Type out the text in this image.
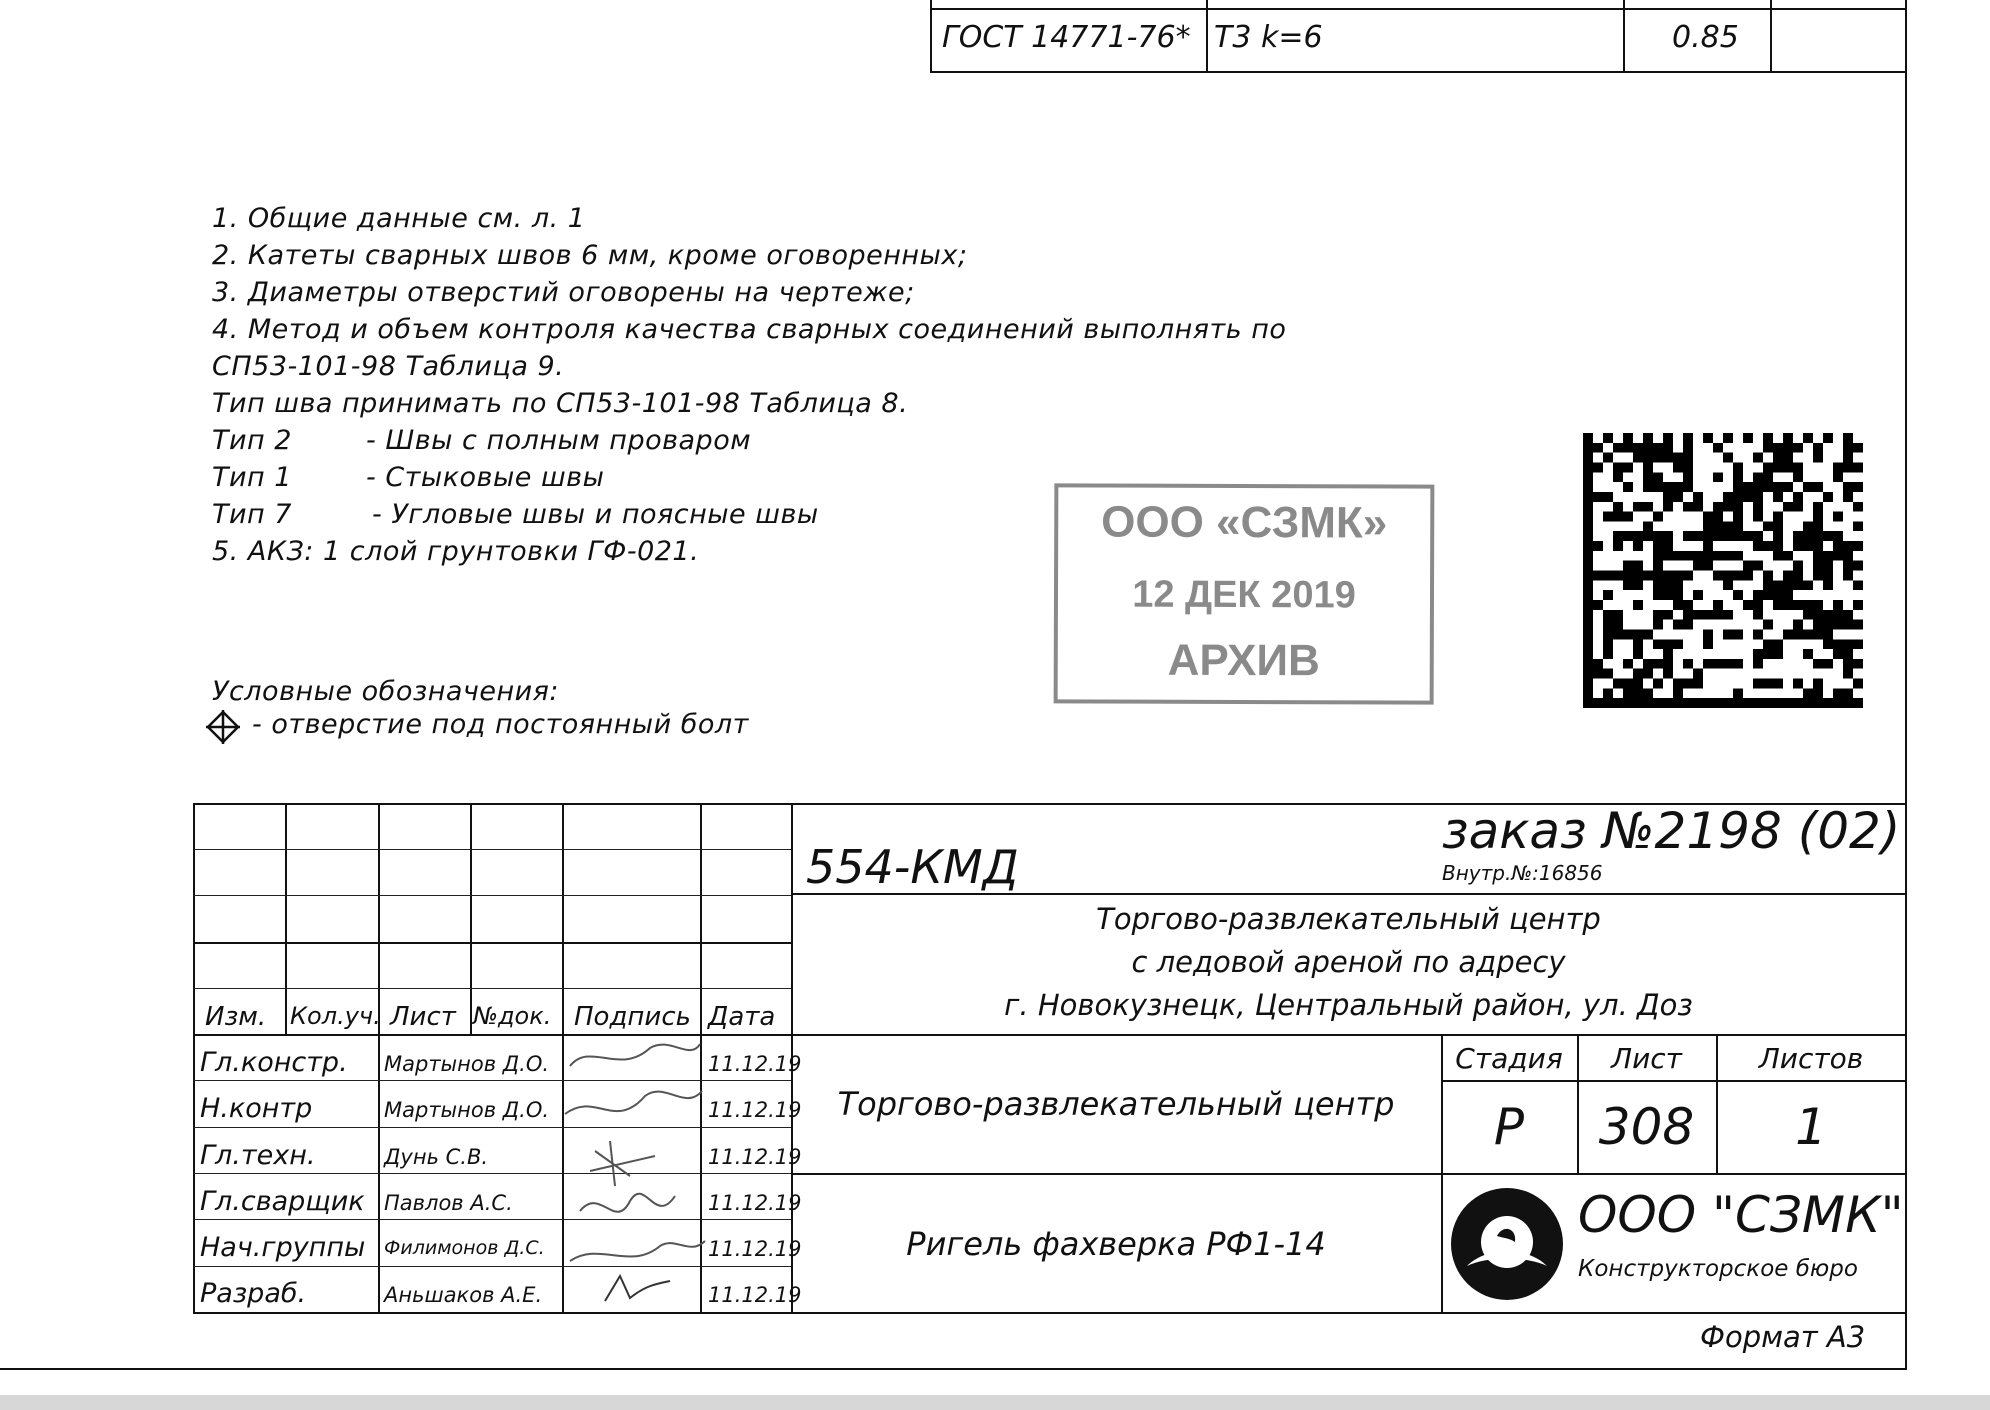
ГОСТ 14771-76* Т3 k=6	0.85
1. Общие данные см. л. 1
2. Катеты сварных швов 6 мм, кроме оговоренных;
3. Диаметры отверстий оговорены на чертеже;
4. Метод и объем контроля качества сварных соединений выполнять по
СП53-101-98 Таблица 9.
Тип шва принимать по СП53-101-98 Таблица 8.
Тип 2	- Швы с полным проваром
Тип 1	- Стыковые швы
Тип 7	- Угловые швы и поясные швы
5. АКЗ: 1 слой грунтовки ГФ-021.
Условные обозначения:
- отверстие под постоянный болт
ООО «СЗМК»
12 ДЕК 2019
АРХИВ
Изм. Кол.уч. Лист №док. Подпись Дата
Гл.констр. Мартынов Д.О.	11.12.19
Н.контр	Мартынов Д.О.	11.12.19
Гл.техн.	Дунь С.В.	11.12.19
Гл.сварщик Павлов А.С.	11.12.19
Нач.группы Филимонов Д.С.	11.12.19
Разраб.	Аньшаков А.Е.	11.12.19
554-КМД
заказ №2198 (02)
Внутр.№:16856
Торгово-развлекательный центр
с ледовой ареной по адресу
г. Новокузнецк, Центральный район, ул. Доз
Торгово-развлекательный центр
Ригель фахверка РФ1-14
Стадия	Лист	Листов
Р	308	1
ООО "СЗМК"
Конструкторское бюро
Формат А3
